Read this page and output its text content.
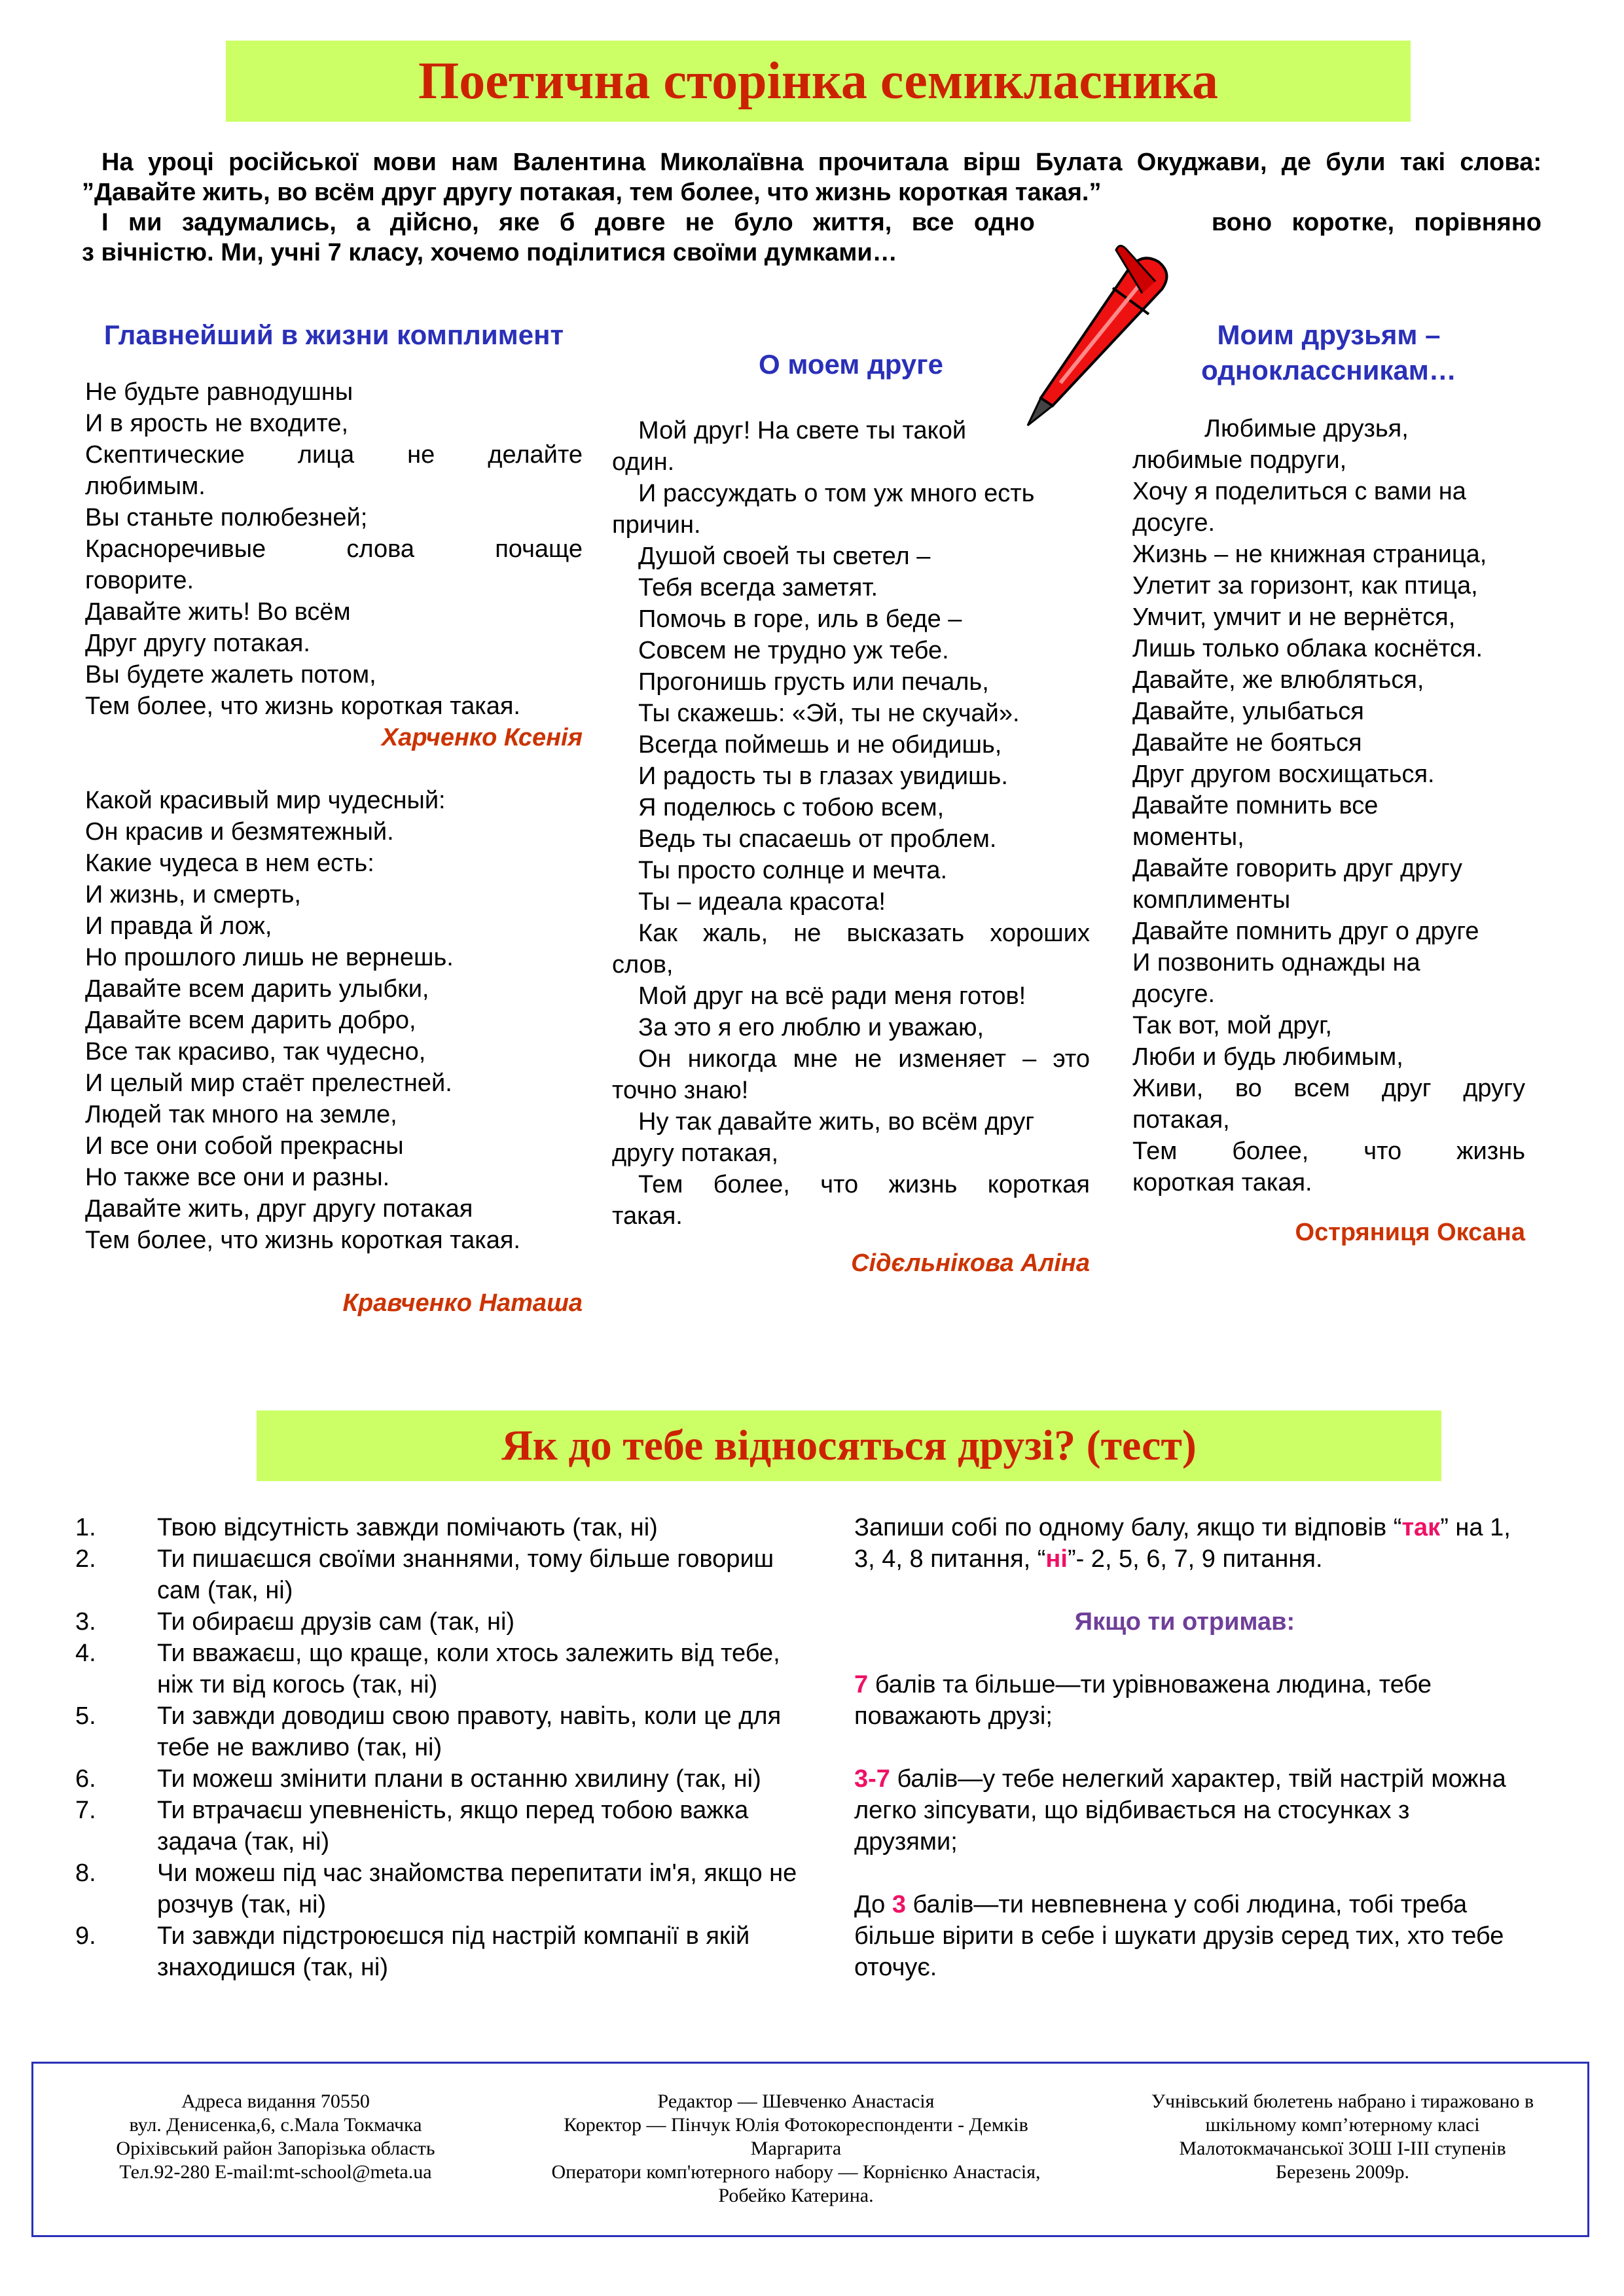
Поетична сторінка семикласника

На уроці російської мови нам Валентина Миколаївна прочитала вірш Булата Окуджави, де були такі слова: ”Давайте жить, во всём друг другу потакая, тем более, что жизнь короткая такая.”

І ми задумались, а дійсно, яке б довге не було життя, все одно	воно коротке, порівняно

з вічністю. Ми, учні 7 класу, хочемо поділитися своїми думками…

Главнейший в жизни комплимент
Не будьте равнодушны
И в ярость не входите,
Скептические лица не делайте
любимым.
Вы станьте полюбезней;
Красноречивые слова почаще
говорите.
Давайте жить! Во всём
Друг другу потакая.
Вы будете жалеть потом,
Тем более, что жизнь короткая такая.
Харченко Ксенія
Какой красивый мир чудесный:
Он красив и безмятежный.
Какие чудеса в нем есть:
И жизнь, и смерть,
И правда й лож,
Но прошлого лишь не вернешь.
Давайте всем дарить улыбки,
Давайте всем дарить добро,
Все так красиво, так чудесно,
И целый мир стаёт прелестней.
Людей так много на земле,
И все они собой прекрасны
Но также все они и разны.
Давайте жить, друг другу потакая
Тем более, что жизнь короткая такая.
Кравченко Наташа
О моем друге
Мой друг! На свете ты такой
один.
И рассуждать о том уж много есть
причин.
Душой своей ты светел –
Тебя всегда заметят.
Помочь в горе, иль в беде –
Совсем не трудно уж тебе.
Прогонишь грусть или печаль,
Ты скажешь: «Эй, ты не скучай».
Всегда поймешь и не обидишь,
И радость ты в глазах увидишь.
Я поделюсь с тобою всем,
Ведь ты спасаешь от проблем.
Ты просто солнце и мечта.
Ты – идеала красота!
Как жаль, не высказать хороших
слов,
Мой друг на всё ради меня готов!
За это я его люблю и уважаю,
Он никогда мне не изменяет – это
точно знаю!
Ну так давайте жить, во всём друг
другу потакая,
Тем более, что жизнь короткая
такая.
Сідєльнікова Аліна
Моим друзьям – одноклассникам…
Любимые друзья,
любимые подруги,
Хочу я поделиться с вами на
досуге.
Жизнь – не книжная страница,
Улетит за горизонт, как птица,
Умчит, умчит и не вернётся,
Лишь только облака коснётся.
Давайте, же влюбляться,
Давайте, улыбаться
Давайте не бояться
Друг другом восхищаться.
Давайте помнить все
моменты,
Давайте говорить друг другу
комплименты
Давайте помнить друг о друге
И позвонить однажды на
досуге.
Так вот, мой друг,
Люби и будь любимым,
Живи, во всем друг другу
потакая,
Тем более, что жизнь
короткая такая.
Остряниця Оксана
Як до тебе відносяться друзі? (тест)
1. Твою відсутність завжди помічають (так, ні)
2. Ти пишаєшся своїми знаннями, тому більше говориш сам (так, ні)
3. Ти обираєш друзів сам (так, ні)
4. Ти вважаєш, що краще, коли хтось залежить від тебе, ніж ти від когось (так, ні)
5. Ти завжди доводиш свою правоту, навіть, коли це для тебе не важливо (так, ні)
6. Ти можеш змінити плани в останню хвилину (так, ні)
7. Ти втрачаєш упевненість, якщо перед тобою важка задача (так, ні)
8. Чи можеш під час знайомства перепитати ім'я, якщо не розчув (так, ні)
9. Ти завжди підстроюєшся під настрій компанії в якій знаходишся (так, ні)

Запиши собі по одному балу, якщо ти відповів “так” на 1, 3, 4, 8 питання, “ні”- 2, 5, 6, 7, 9 питання.

Якщо ти отримав:

7 балів та більше—ти урівноважена людина, тебе поважають друзі;

3-7 балів—у тебе нелегкий характер, твій настрій можна легко зіпсувати, що відбивається на стосунках з друзями;

До 3 балів—ти невпевнена у собі людина, тобі треба більше вірити в себе і шукати друзів серед тих, хто тебе оточує.

Адреса видання 70550
вул. Денисенка,6, с.Мала Токмачка
Оріхівський район Запорізька область
Тел.92-280 E-mail:mt-school@meta.ua
Редактор — Шевченко Анастасія
Коректор — Пінчук Юлія Фотокореспонденти - Демків
Маргарита
Оператори комп'ютерного набору — Корнієнко Анастасія,
Робейко Катерина.
Учнівський бюлетень набрано і тиражовано в
шкільному комп’ютерному класі
Малотокмачанської ЗОШ І-ІІІ ступенів
Березень 2009р.
